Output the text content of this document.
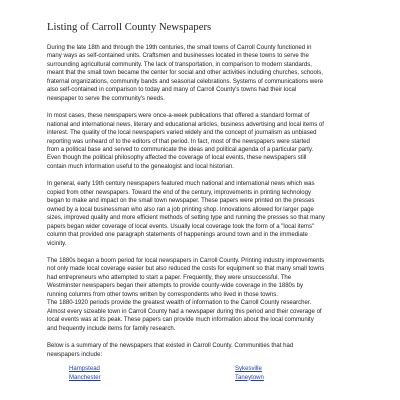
Listing of Carroll County Newspapers

During the late 18th and through the 19th centuries, the small towns of Carroll County functioned in
many ways as self-contained units. Craftsmen and businesses located in these towns to serve the
surrounding agricultural community. The lack of transportation, in comparison to modern standards,
meant that the small town became the center for social and other activities including churches, schools,
fraternal organizations, community bands and seasonal celebrations. Systems of communications were
also self-contained in comparison to today and many of Carroll County's towns had their local
newspaper to serve the community's needs.

In most cases, these newspapers were once-a-week publications that offered a standard format of
national and international news, literary and educational articles, business advertising and local items of
interest. The quality of the local newspapers varied widely and the concept of journalism as unbiased
reporting was unheard of to the editors of that period. In fact, most of the newspapers were started
from a political base and served to communicate the ideas and political agenda of a particular party.
Even though the political philosophy affected the coverage of local events, these newspapers still
contain much information useful to the genealogist and local historian.

In general, early 19th century newspapers featured much national and international news which was
copied from other newspapers. Toward the end of the century, improvements in printing technology
began to make and impact on the small town newspaper. These papers were printed on the presses
owned by a local businessman who also ran a job printing shop. Innovations allowed for larger page
sizes, improved quality and more efficient methods of setting type and running the presses so that many
papers began wider coverage of local events. Usually local coverage took the form of a "local items"
column that provided one paragraph statements of happenings around town and in the immediate
vicinity.

The 1880s began a boom period for local newspapers in Carroll County. Printing industry improvements
not only made local coverage easier but also reduced the costs for equipment so that many small towns
had entrepreneurs who attempted to start a paper. Frequently, they were unsuccessful. The
Westminster newspapers began their attempts to provide county-wide coverage in the 1880s by
running columns from other towns written by correspondents who lived in those towns.
The 1880-1920 periods provide the greatest wealth of information to the Carroll County researcher.
Almost every sizeable town in Carroll County had a newspaper during this period and their coverage of
local events was at its peak. These papers can provide much information about the local community
and frequently include items for family research.

Below is a summary of the newspapers that existed in Carroll County. Communities that had
newspapers include:

Hampstead
Manchester
Sykesville
Taneytown
